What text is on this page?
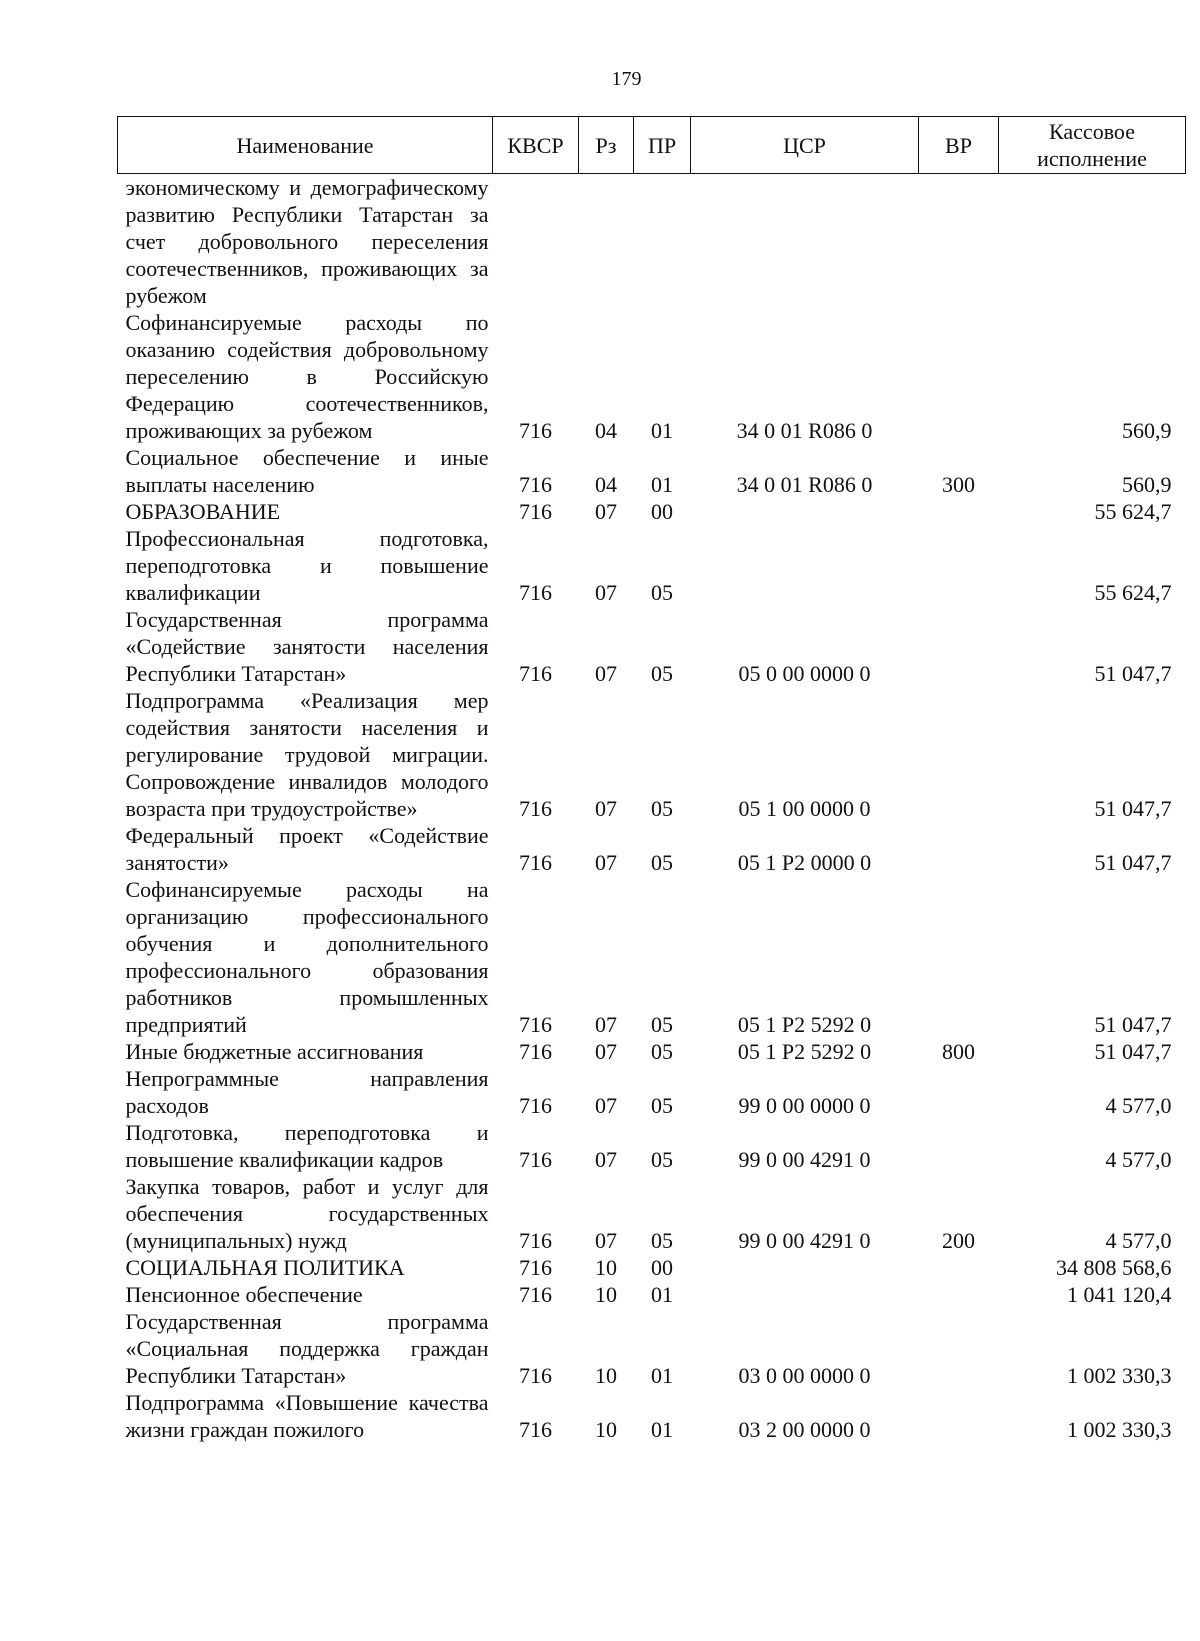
179
Наименование	КВСР	Рз	ПР	ЦСР	ВР	Кассовое исполнение
экономическому и демографическому развитию Республики Татарстан за счет добровольного переселения соотечественников, проживающих за рубежом						
Софинансируемые расходы по оказанию содействия добровольному переселению в Российскую Федерацию соотечественников, проживающих за рубежом	716	04	01	34 0 01 R086 0		560,9
Социальное обеспечение и иные выплаты населению	716	04	01	34 0 01 R086 0	300	560,9
ОБРАЗОВАНИЕ	716	07	00			55 624,7
Профессиональная подготовка, переподготовка и повышение квалификации	716	07	05			55 624,7
Государственная программа «Содействие занятости населения Республики Татарстан»	716	07	05	05 0 00 0000 0		51 047,7
Подпрограмма «Реализация мер содействия занятости населения и регулирование трудовой миграции. Сопровождение инвалидов молодого возраста при трудоустройстве»	716	07	05	05 1 00 0000 0		51 047,7
Федеральный проект «Содействие занятости»	716	07	05	05 1 P2 0000 0		51 047,7
Софинансируемые расходы на организацию профессионального обучения и дополнительного профессионального образования работников промышленных предприятий	716	07	05	05 1 P2 5292 0		51 047,7
Иные бюджетные ассигнования	716	07	05	05 1 P2 5292 0	800	51 047,7
Непрограммные направления расходов	716	07	05	99 0 00 0000 0		4 577,0
Подготовка, переподготовка и повышение квалификации кадров	716	07	05	99 0 00 4291 0		4 577,0
Закупка товаров, работ и услуг для обеспечения государственных (муниципальных) нужд	716	07	05	99 0 00 4291 0	200	4 577,0
СОЦИАЛЬНАЯ ПОЛИТИКА	716	10	00			34 808 568,6
Пенсионное обеспечение	716	10	01			1 041 120,4
Государственная программа «Социальная поддержка граждан Республики Татарстан»	716	10	01	03 0 00 0000 0		1 002 330,3
Подпрограмма «Повышение качества жизни граждан пожилого	716	10	01	03 2 00 0000 0		1 002 330,3
